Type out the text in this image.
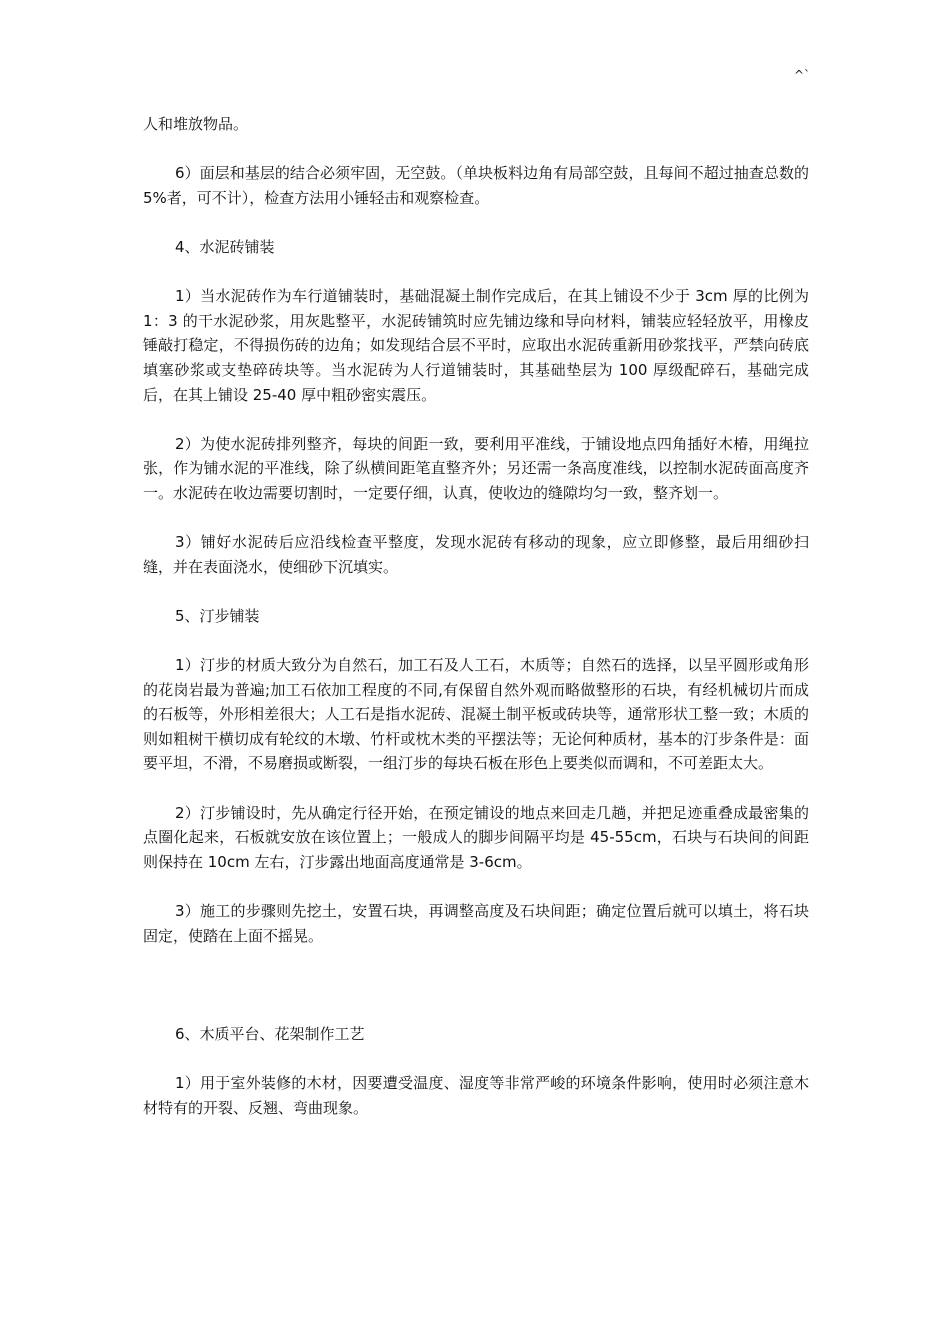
^`

人和堆放物品。

6）面层和基层的结合必须牢固，无空鼓。（单块板料边角有局部空鼓，且每间不超过抽查总数的 5%者，可不计），检查方法用小锤轻击和观察检查。

4、水泥砖铺装

1）当水泥砖作为车行道铺装时，基础混凝土制作完成后，在其上铺设不少于 3cm 厚的比例为 1：3 的干水泥砂浆，用灰匙整平，水泥砖铺筑时应先铺边缘和导向材料，铺装应轻轻放平，用橡皮锤敲打稳定，不得损伤砖的边角；如发现结合层不平时，应取出水泥砖重新用砂浆找平，严禁向砖底填塞砂浆或支垫碎砖块等。当水泥砖为人行道铺装时，其基础垫层为 100 厚级配碎石，基础完成后，在其上铺设 25-40 厚中粗砂密实震压。

2）为使水泥砖排列整齐，每块的间距一致，要利用平准线，于铺设地点四角插好木椿，用绳拉张，作为铺水泥的平准线，除了纵横间距笔直整齐外；另还需一条高度准线，以控制水泥砖面高度齐一。水泥砖在收边需要切割时，一定要仔细，认真，使收边的缝隙均匀一致，整齐划一。

3）铺好水泥砖后应沿线检查平整度，发现水泥砖有移动的现象，应立即修整，最后用细砂扫缝，并在表面浇水，使细砂下沉填实。

5、汀步铺装

1）汀步的材质大致分为自然石，加工石及人工石，木质等；自然石的选择，以呈平圆形或角形的花岗岩最为普遍;加工石依加工程度的不同,有保留自然外观而略做整形的石块，有经机械切片而成的石板等，外形相差很大；人工石是指水泥砖、混凝土制平板或砖块等，通常形状工整一致；木质的则如粗树干横切成有轮纹的木墩、竹杆或枕木类的平摆法等；无论何种质材，基本的汀步条件是：面要平坦，不滑，不易磨损或断裂，一组汀步的每块石板在形色上要类似而调和，不可差距太大。

2）汀步铺设时，先从确定行径开始，在预定铺设的地点来回走几趟，并把足迹重叠成最密集的点圈化起来，石板就安放在该位置上；一般成人的脚步间隔平均是 45-55cm，石块与石块间的间距则保持在 10cm 左右，汀步露出地面高度通常是 3-6cm。

3）施工的步骤则先挖土，安置石块，再调整高度及石块间距；确定位置后就可以填土，将石块固定，使踏在上面不摇晃。

6、木质平台、花架制作工艺

1）用于室外装修的木材，因要遭受温度、湿度等非常严峻的环境条件影响，使用时必须注意木材特有的开裂、反翘、弯曲现象。
